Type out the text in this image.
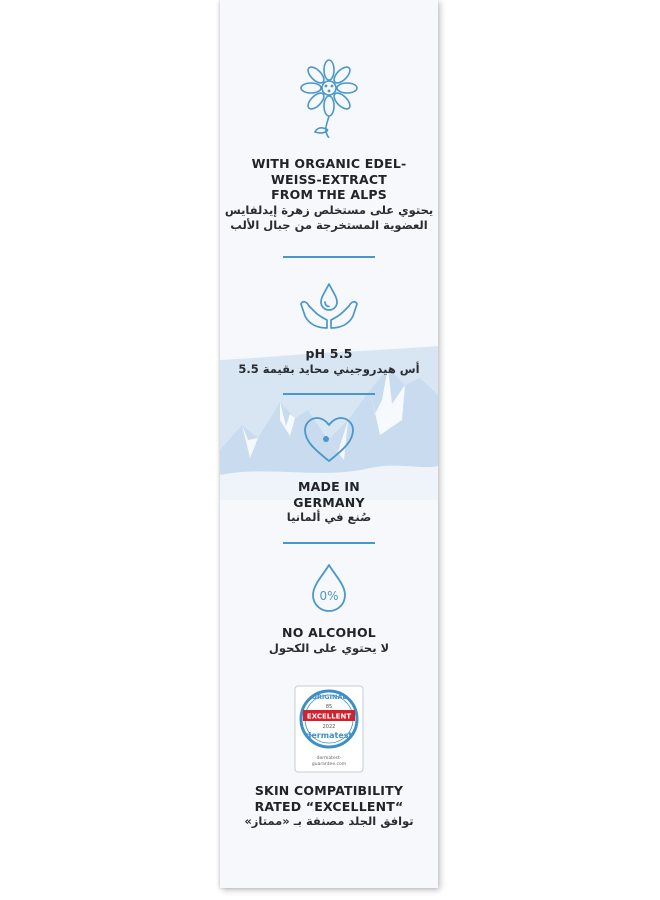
WITH ORGANIC EDEL-
WEISS-EXTRACT
FROM THE ALPS
يحتوي على مستخلص زهرة إيدلفايس
العضوية المستخرجة من جبال الألب
pH 5.5
أس هيدروجيني محايد بقيمة 5.5
MADE IN
GERMANY
صُنع في ألمانيا
0%
NO ALCOHOL
لا يحتوي على الكحول
ORIGINAL
85
EXCELLENT
2022
dermatest
dermatest-
guarantee.com
SKIN COMPATIBILITY
RATED “EXCELLENT“
توافق الجلد مصنفة بـ «ممتاز»
